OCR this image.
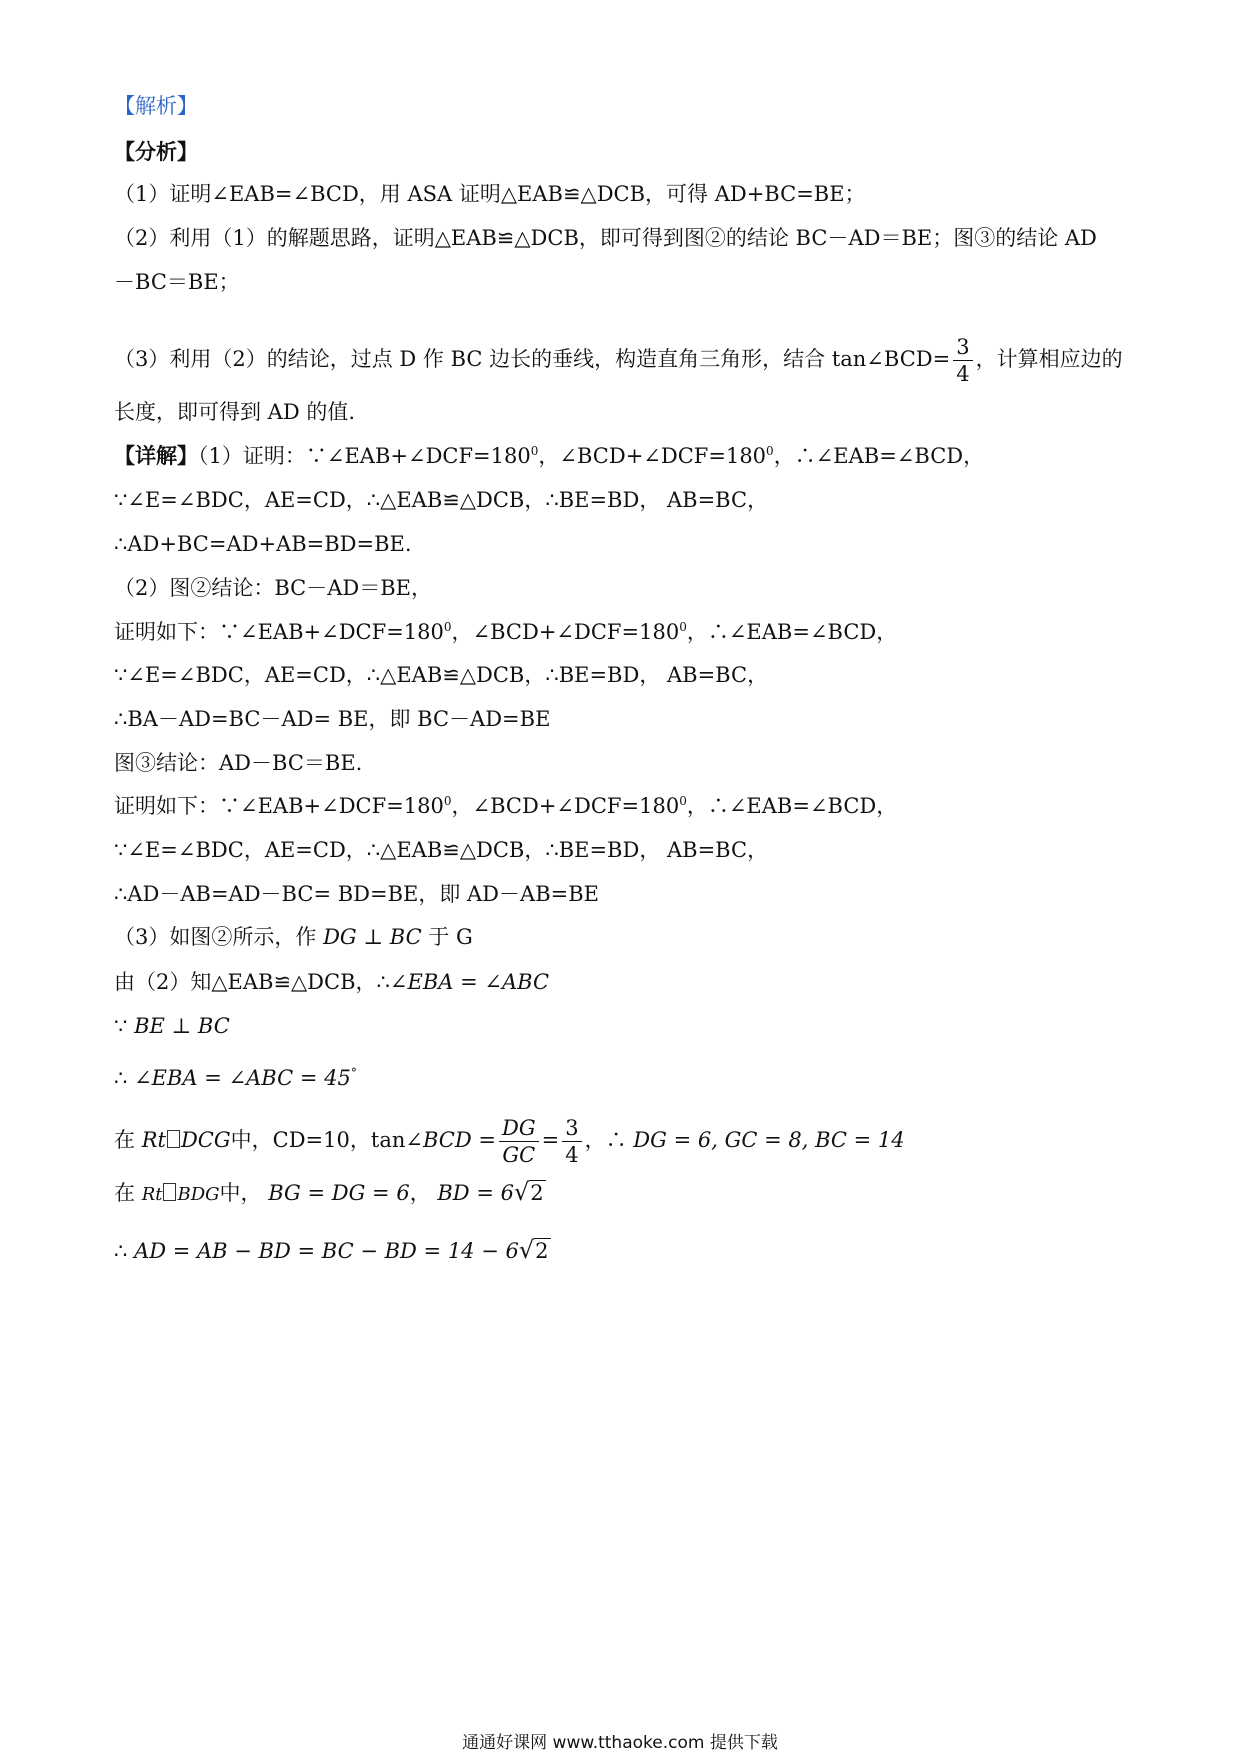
【解析】
【分析】
（1）证明∠EAB=∠BCD，用 ASA 证明△EAB≌△DCB，可得 AD+BC=BE；
（2）利用（1）的解题思路，证明△EAB≌△DCB，即可得到图②的结论 BC－AD＝BE；图③的结论 AD
－BC＝BE；
（3）利用（2）的结论，过点 D 作 BC 边长的垂线，构造直角三角形，结合 tan∠BCD= $\frac{3}{4}$ ，计算相应边的
长度，即可得到 AD 的值.
【详解】（1）证明：$\because\angle EAB+\angle DCF=180^0$，$\angle BCD+\angle DCF=180^0$，∴∠EAB=∠BCD，
∵∠E=∠BDC，AE=CD，∴△EAB≌△DCB，∴BE=BD， AB=BC，
∴AD+BC=AD+AB=BD=BE.
（2）图②结论：BC－AD＝BE，
证明如下：$\because\angle EAB+\angle DCF=180^0$，$\angle BCD+\angle DCF=180^0$，∴∠EAB=∠BCD，
∵∠E=∠BDC，AE=CD，∴△EAB≌△DCB，∴BE=BD， AB=BC，
∴BA－AD=BC－AD= BE，即 BC－AD=BE
图③结论：AD－BC＝BE.
证明如下：$\because\angle EAB+\angle DCF=180^0$，$\angle BCD+\angle DCF=180^0$，∴∠EAB=∠BCD，
∵∠E=∠BDC，AE=CD，∴△EAB≌△DCB，∴BE=BD， AB=BC，
∴AD－AB=AD－BC= BD=BE，即 AD－AB=BE
（3）如图②所示，作 DG ⊥ BC 于 G
由（2）知△EAB≌△DCB，∴∠EBA = ∠ABC
∵ BE ⊥ BC
∴ ∠EBA = ∠ABC = 45°
在 Rt DCG中，CD=10，tan∠BCD = $\frac{DG}{GC} = \frac{3}{4}$ ，∴ DG = 6, GC = 8, BC = 14
在 Rt BDG中， BG = DG = 6， BD = 6√2
∴ AD = AB − BD = BC − BD = 14 − 6√2
通通好课网 www.tthaoke.com 提供下载
